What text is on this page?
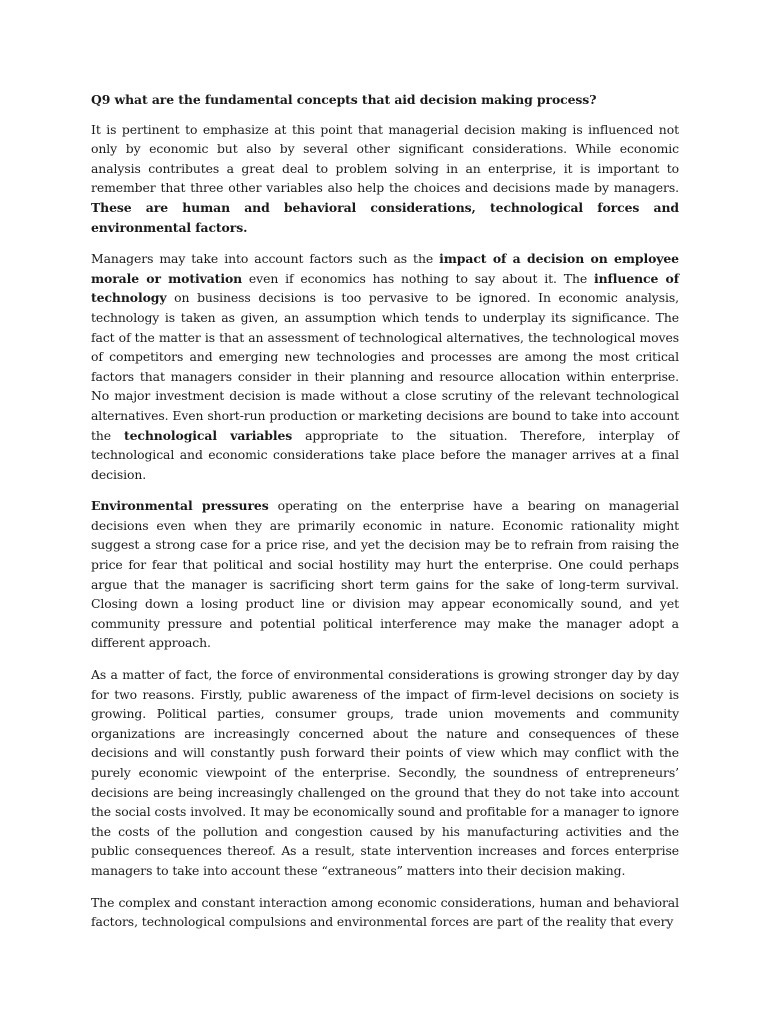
Q9 what are the fundamental concepts that aid decision making process?

It is pertinent to emphasize at this point that managerial decision making is influenced not only by economic but also by several other significant considerations. While economic analysis contributes a great deal to problem solving in an enterprise, it is important to remember that three other variables also help the choices and decisions made by managers. These are human and behavioral considerations, technological forces and environmental factors.

Managers may take into account factors such as the impact of a decision on employee morale or motivation even if economics has nothing to say about it. The influence of technology on business decisions is too pervasive to be ignored. In economic analysis, technology is taken as given, an assumption which tends to underplay its significance. The fact of the matter is that an assessment of technological alternatives, the technological moves of competitors and emerging new technologies and processes are among the most critical factors that managers consider in their planning and resource allocation within enterprise. No major investment decision is made without a close scrutiny of the relevant technological alternatives. Even short-run production or marketing decisions are bound to take into account the technological variables appropriate to the situation. Therefore, interplay of technological and economic considerations take place before the manager arrives at a final decision.

Environmental pressures operating on the enterprise have a bearing on managerial decisions even when they are primarily economic in nature. Economic rationality might suggest a strong case for a price rise, and yet the decision may be to refrain from raising the price for fear that political and social hostility may hurt the enterprise. One could perhaps argue that the manager is sacrificing short term gains for the sake of long-term survival. Closing down a losing product line or division may appear economically sound, and yet community pressure and potential political interference may make the manager adopt a different approach.

As a matter of fact, the force of environmental considerations is growing stronger day by day for two reasons. Firstly, public awareness of the impact of firm-level decisions on society is growing. Political parties, consumer groups, trade union movements and community organizations are increasingly concerned about the nature and consequences of these decisions and will constantly push forward their points of view which may conflict with the purely economic viewpoint of the enterprise. Secondly, the soundness of entrepreneurs’ decisions are being increasingly challenged on the ground that they do not take into account the social costs involved. It may be economically sound and profitable for a manager to ignore the costs of the pollution and congestion caused by his manufacturing activities and the public consequences thereof. As a result, state intervention increases and forces enterprise managers to take into account these “extraneous” matters into their decision making.

The complex and constant interaction among economic considerations, human and behavioral factors, technological compulsions and environmental forces are part of the reality that every
